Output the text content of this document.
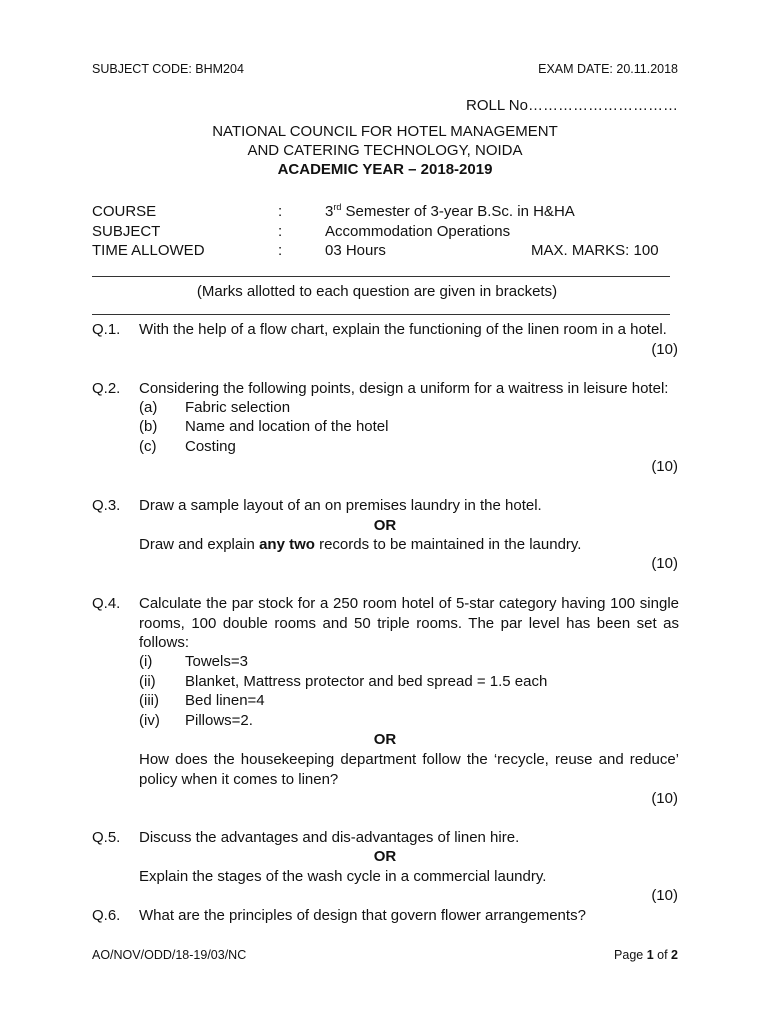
SUBJECT CODE: BHM204	EXAM DATE: 20.11.2018
ROLL No…………………………
NATIONAL COUNCIL FOR HOTEL MANAGEMENT
AND CATERING TECHNOLOGY, NOIDA
ACADEMIC YEAR – 2018-2019
COURSE	:	3rd Semester of 3-year B.Sc. in H&HA
SUBJECT	:	Accommodation Operations
TIME ALLOWED	:	03 Hours	MAX. MARKS: 100
(Marks allotted to each question are given in brackets)
Q.1. With the help of a flow chart, explain the functioning of the linen room in a hotel.
(10)
Q.2. Considering the following points, design a uniform for a waitress in leisure hotel:
(a) Fabric selection
(b) Name and location of the hotel
(c) Costing
(10)
Q.3. Draw a sample layout of an on premises laundry in the hotel.
OR
Draw and explain any two records to be maintained in the laundry.
(10)
Q.4. Calculate the par stock for a 250 room hotel of 5-star category having 100 single rooms, 100 double rooms and 50 triple rooms. The par level has been set as follows:
(i) Towels=3
(ii) Blanket, Mattress protector and bed spread = 1.5 each
(iii) Bed linen=4
(iv) Pillows=2.
OR
How does the housekeeping department follow the ‘recycle, reuse and reduce’ policy when it comes to linen?
(10)
Q.5. Discuss the advantages and dis-advantages of linen hire.
OR
Explain the stages of the wash cycle in a commercial laundry.
(10)
Q.6. What are the principles of design that govern flower arrangements?
AO/NOV/ODD/18-19/03/NC	Page 1 of 2
